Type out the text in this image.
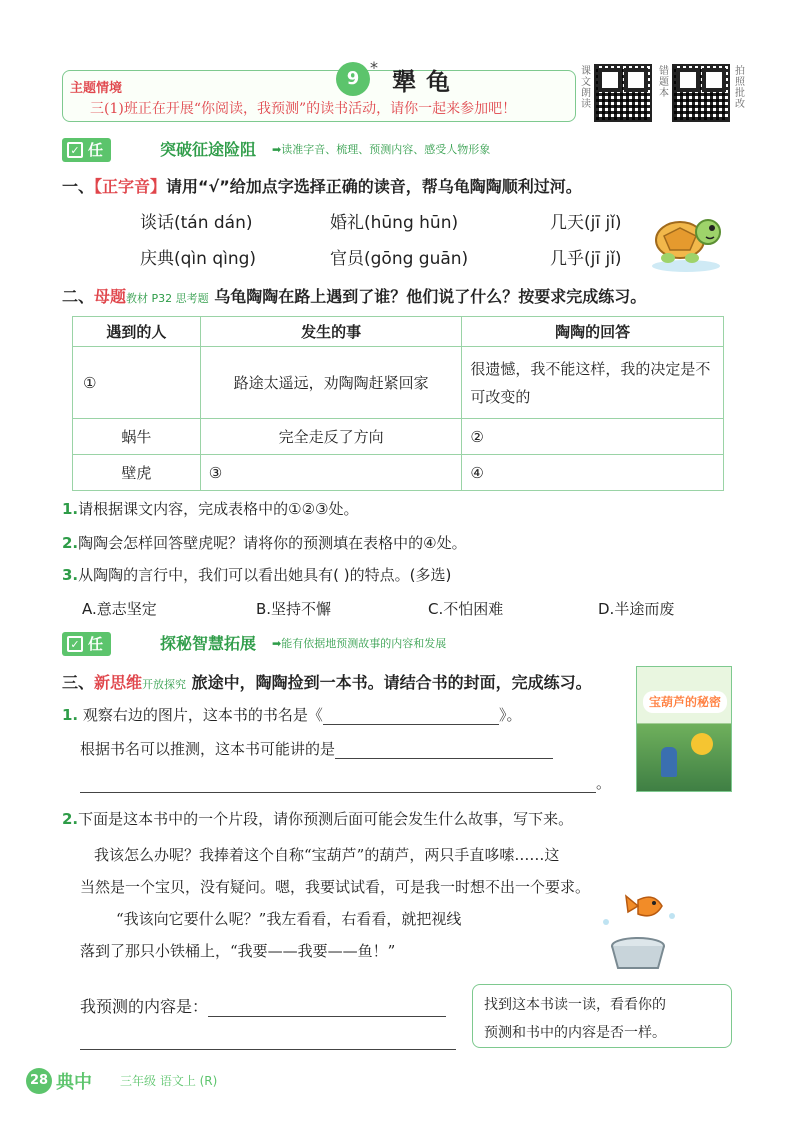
主题情境
三(1)班正在开展“你阅读，我预测”的读书活动，请你一起来参加吧！
9
*
犟龟	课文朗读
错题本
拍照批改
✓ 任务一
突破征途险阻 ➡读准字音、梳理、预测内容、感受人物形象
一、【正字音】请用“√”给加点字选择正确的读音，帮乌龟陶陶顺利过河。
谈话(tán dán)	婚礼(hūng hūn)	几天(jī jǐ)
庆典(qìn qìng)	官员(gōng guān)	几乎(jī jǐ)
二、母题教材 P32 思考题 乌龟陶陶在路上遇到了谁？他们说了什么？按要求完成练习。
遇到的人	发生的事	陶陶的回答
①	路途太遥远，劝陶陶赶紧回家	很遗憾，我不能这样，我的决定是不可改变的
蜗牛	完全走反了方向	②
壁虎	③	④
1.请根据课文内容，完成表格中的①②③处。
2.陶陶会怎样回答壁虎呢？请将你的预测填在表格中的④处。
3.从陶陶的言行中，我们可以看出她具有( )的特点。(多选)
A.意志坚定	B.坚持不懈	C.不怕困难	D.半途而废
✓ 任务二
探秘智慧拓展 ➡能有依据地预测故事的内容和发展
三、新思维开放探究 旅途中，陶陶捡到一本书。请结合书的封面，完成练习。
宝葫芦的秘密
1. 观察右边的图片，这本书的书名是《	》。
根据书名可以推测，这本书可能讲的是
。
2.下面是这本书中的一个片段，请你预测后面可能会发生什么故事，写下来。
我该怎么办呢？我捧着这个自称“宝葫芦”的葫芦，两只手直哆嗦……这
当然是一个宝贝，没有疑问。嗯，我要试试看，可是我一时想不出一个要求。
“我该向它要什么呢？”我左看看，右看看，就把视线
落到了那只小铁桶上，“我要——我要——鱼！”
我预测的内容是：	找到这本书读一读，看看你的
预测和书中的内容是否一样。
28 典中 三年级 语文上 (R)
